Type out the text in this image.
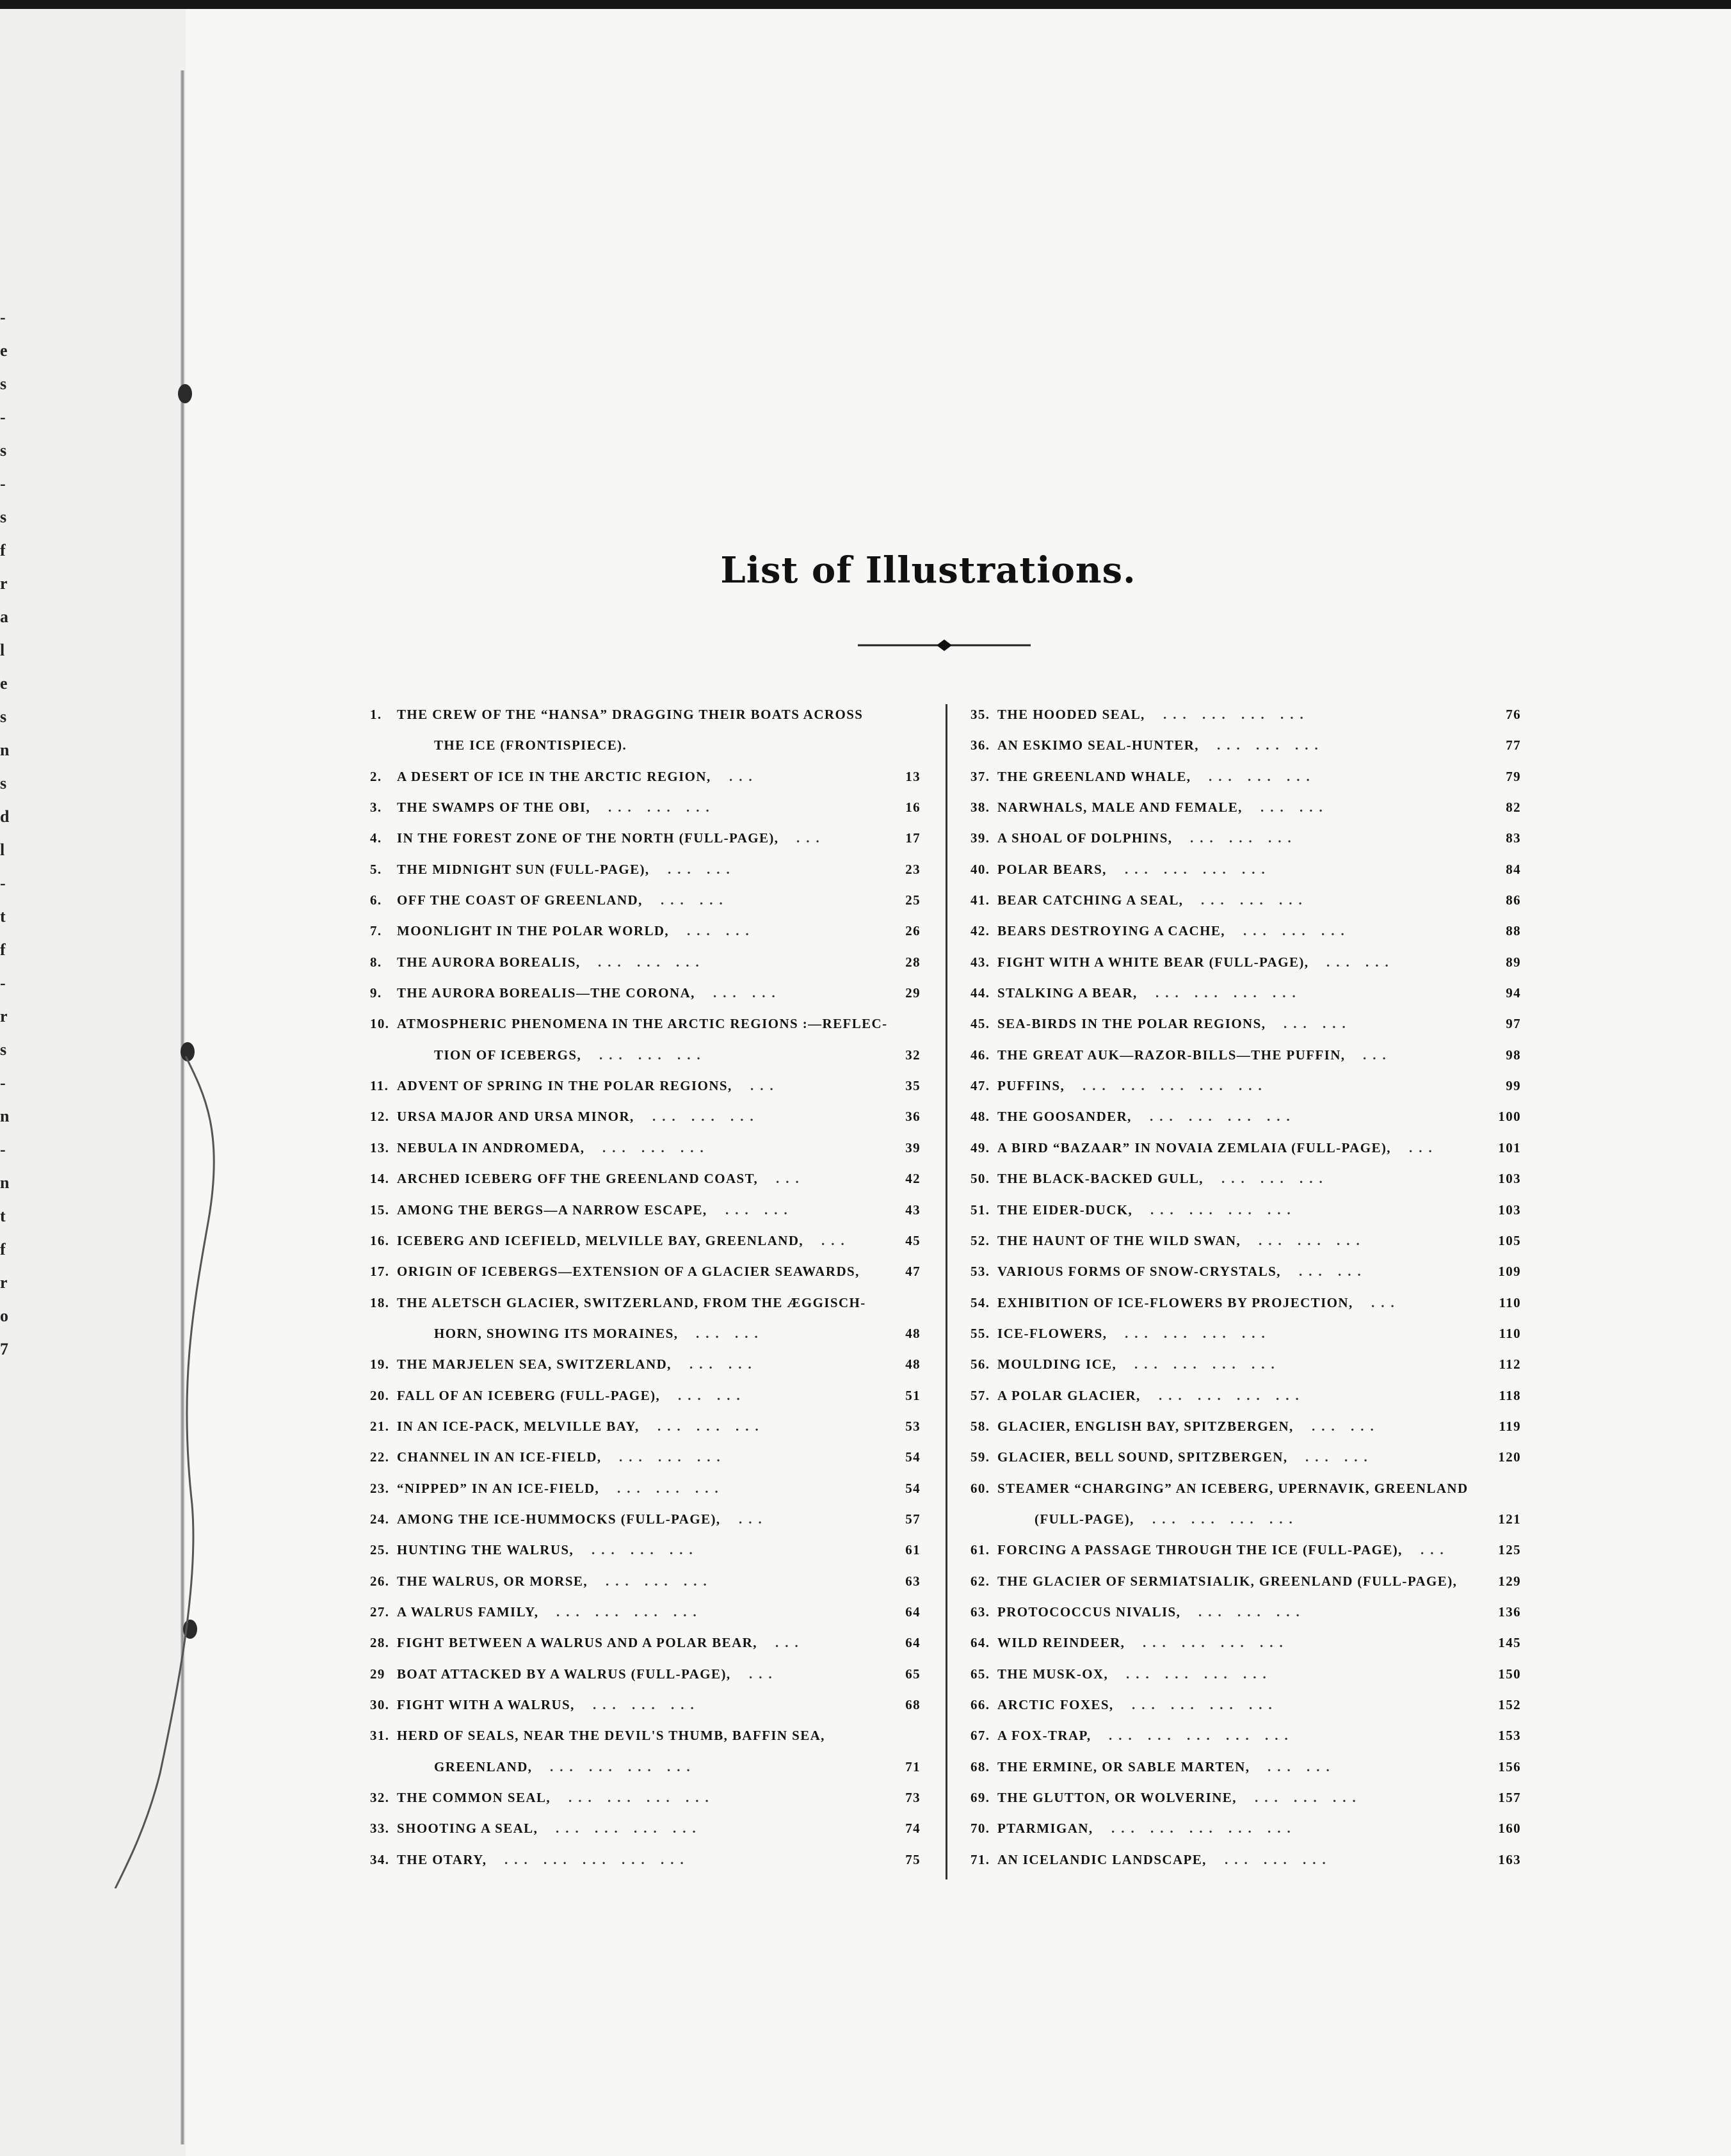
-
e
s
-
s
-
s
f
r
a
l
e
s
n
s
d
l
-
t
f
-
r
s
-
n
-
n
t
f
r
o
7
List of Illustrations.
1.	THE CREW OF THE “HANSA” DRAGGING THEIR BOATS ACROSS
THE ICE (FRONTISPIECE).
2.	A DESERT OF ICE IN THE ARCTIC REGION,	13
...
3.	THE SWAMPS OF THE OBI,	16
... ... ...
4.	IN THE FOREST ZONE OF THE NORTH (FULL-PAGE),	17
...
5.	THE MIDNIGHT SUN (FULL-PAGE),	23
... ...
6.	OFF THE COAST OF GREENLAND,	25
... ...
7.	MOONLIGHT IN THE POLAR WORLD,	26
... ...
8.	THE AURORA BOREALIS,	28
... ... ...
9.	THE AURORA BOREALIS—THE CORONA,	29
... ...
10. ATMOSPHERIC PHENOMENA IN THE ARCTIC REGIONS :—REFLEC-
TION OF ICEBERGS,	32
... ... ...
11. ADVENT OF SPRING IN THE POLAR REGIONS,	35
...
12. URSA MAJOR AND URSA MINOR,	36
... ... ...
13. NEBULA IN ANDROMEDA,	39
... ... ...
14. ARCHED ICEBERG OFF THE GREENLAND COAST,	42
...
15. AMONG THE BERGS—A NARROW ESCAPE,	43
... ...
16. ICEBERG AND ICEFIELD, MELVILLE BAY, GREENLAND,	45
...
17. ORIGIN OF ICEBERGS—EXTENSION OF A GLACIER SEAWARDS,	47
18. THE ALETSCH GLACIER, SWITZERLAND, FROM THE ÆGGISCH-
HORN, SHOWING ITS MORAINES,	48
... ...
19. THE MARJELEN SEA, SWITZERLAND,	48
... ...
20. FALL OF AN ICEBERG (FULL-PAGE),	51
... ...
21. IN AN ICE-PACK, MELVILLE BAY,	53
... ... ...
22. CHANNEL IN AN ICE-FIELD,	54
... ... ...
23. “NIPPED” IN AN ICE-FIELD,	54
... ... ...
24. AMONG THE ICE-HUMMOCKS (FULL-PAGE),	57
...
25. HUNTING THE WALRUS,	61
... ... ...
26. THE WALRUS, OR MORSE,	63
... ... ...
27. A WALRUS FAMILY,	64
... ... ... ...
28. FIGHT BETWEEN A WALRUS AND A POLAR BEAR,	64
...
29 BOAT ATTACKED BY A WALRUS (FULL-PAGE),	65
...
30. FIGHT WITH A WALRUS,	68
... ... ...
31. HERD OF SEALS, NEAR THE DEVIL'S THUMB, BAFFIN SEA,
GREENLAND,	71
... ... ... ...
32. THE COMMON SEAL,	73
... ... ... ...
33. SHOOTING A SEAL,	74
... ... ... ...
34. THE OTARY,	75
... ... ... ... ...
35. THE HOODED SEAL,	76
... ... ... ...
36. AN ESKIMO SEAL-HUNTER,	77
... ... ...
37. THE GREENLAND WHALE,	79
... ... ...
38. NARWHALS, MALE AND FEMALE,	82
... ...
39. A SHOAL OF DOLPHINS,	83
... ... ...
40. POLAR BEARS,	84
... ... ... ...
41. BEAR CATCHING A SEAL,	86
... ... ...
42. BEARS DESTROYING A CACHE,	88
... ... ...
43. FIGHT WITH A WHITE BEAR (FULL-PAGE),	89
... ...
44. STALKING A BEAR,	94
... ... ... ...
45. SEA-BIRDS IN THE POLAR REGIONS,	97
... ...
46. THE GREAT AUK—RAZOR-BILLS—THE PUFFIN,	98
...
47. PUFFINS,	99
... ... ... ... ...
48. THE GOOSANDER,	100
... ... ... ...
49. A BIRD “BAZAAR” IN NOVAIA ZEMLAIA (FULL-PAGE),	101
...
50. THE BLACK-BACKED GULL,	103
... ... ...
51. THE EIDER-DUCK,	103
... ... ... ...
52. THE HAUNT OF THE WILD SWAN,	105
... ... ...
53. VARIOUS FORMS OF SNOW-CRYSTALS,	109
... ...
54. EXHIBITION OF ICE-FLOWERS BY PROJECTION,	110
...
55. ICE-FLOWERS,	110
... ... ... ...
56. MOULDING ICE,	112
... ... ... ...
57. A POLAR GLACIER,	118
... ... ... ...
58. GLACIER, ENGLISH BAY, SPITZBERGEN,	119
... ...
59. GLACIER, BELL SOUND, SPITZBERGEN,	120
... ...
60. STEAMER “CHARGING” AN ICEBERG, UPERNAVIK, GREENLAND
(FULL-PAGE),	121
... ... ... ...
61. FORCING A PASSAGE THROUGH THE ICE (FULL-PAGE),	125
...
62. THE GLACIER OF SERMIATSIALIK, GREENLAND (FULL-PAGE),	129
63. PROTOCOCCUS NIVALIS,	136
... ... ...
64. WILD REINDEER,	145
... ... ... ...
65. THE MUSK-OX,	150
... ... ... ...
66. ARCTIC FOXES,	152
... ... ... ...
67. A FOX-TRAP,	153
... ... ... ... ...
68. THE ERMINE, OR SABLE MARTEN,	156
... ...
69. THE GLUTTON, OR WOLVERINE,	157
... ... ...
70. PTARMIGAN,	160
... ... ... ... ...
71. AN ICELANDIC LANDSCAPE,	163
... ... ...
